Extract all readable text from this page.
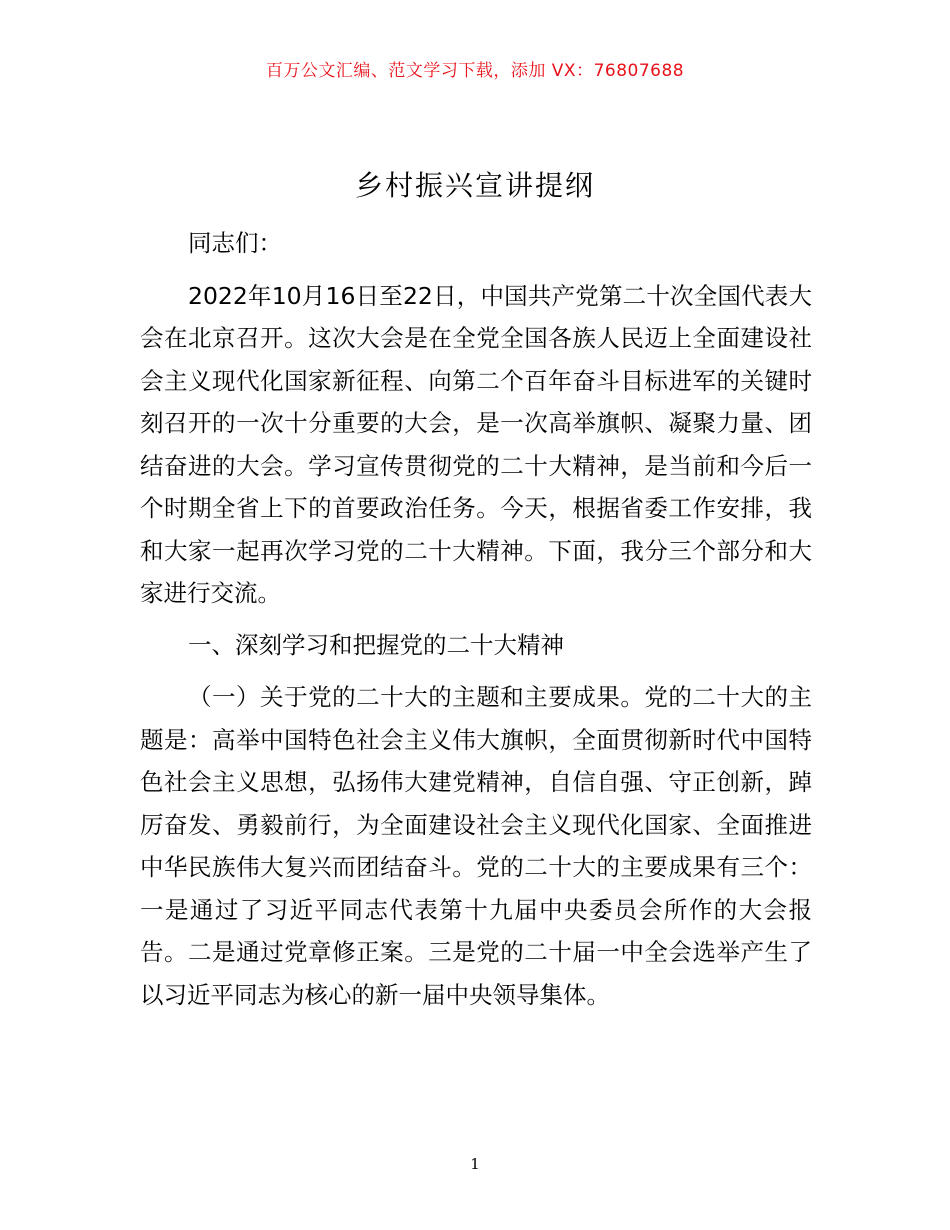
百万公文汇编、范文学习下载，添加 VX：76807688
乡村振兴宣讲提纲

同志们：

2022年10月16日至22日，中国共产党第二十次全国代表大会在北京召开。这次大会是在全党全国各族人民迈上全面建设社会主义现代化国家新征程、向第二个百年奋斗目标进军的关键时刻召开的一次十分重要的大会，是一次高举旗帜、凝聚力量、团结奋进的大会。学习宣传贯彻党的二十大精神，是当前和今后一个时期全省上下的首要政治任务。今天，根据省委工作安排，我和大家一起再次学习党的二十大精神。下面，我分三个部分和大家进行交流。

一、深刻学习和把握党的二十大精神

（一）关于党的二十大的主题和主要成果。党的二十大的主题是：高举中国特色社会主义伟大旗帜，全面贯彻新时代中国特色社会主义思想，弘扬伟大建党精神，自信自强、守正创新，踔厉奋发、勇毅前行，为全面建设社会主义现代化国家、全面推进中华民族伟大复兴而团结奋斗。党的二十大的主要成果有三个：一是通过了习近平同志代表第十九届中央委员会所作的大会报告。二是通过党章修正案。三是党的二十届一中全会选举产生了以习近平同志为核心的新一届中央领导集体。

1
